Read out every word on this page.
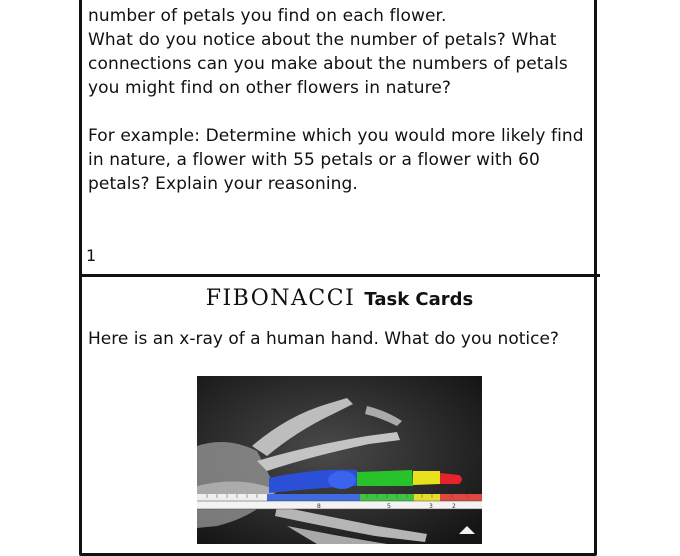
number of petals you find on each flower.

What do you notice about the number of petals? What connections can you make about the numbers of petals you might find on other flowers in nature?

For example: Determine which you would more likely find in nature, a flower with 55 petals or a flower with 60 petals? Explain your reasoning.

1
FIBONACCI Task Cards
Here is an x-ray of a human hand. What do you notice?
8	5	3	2
